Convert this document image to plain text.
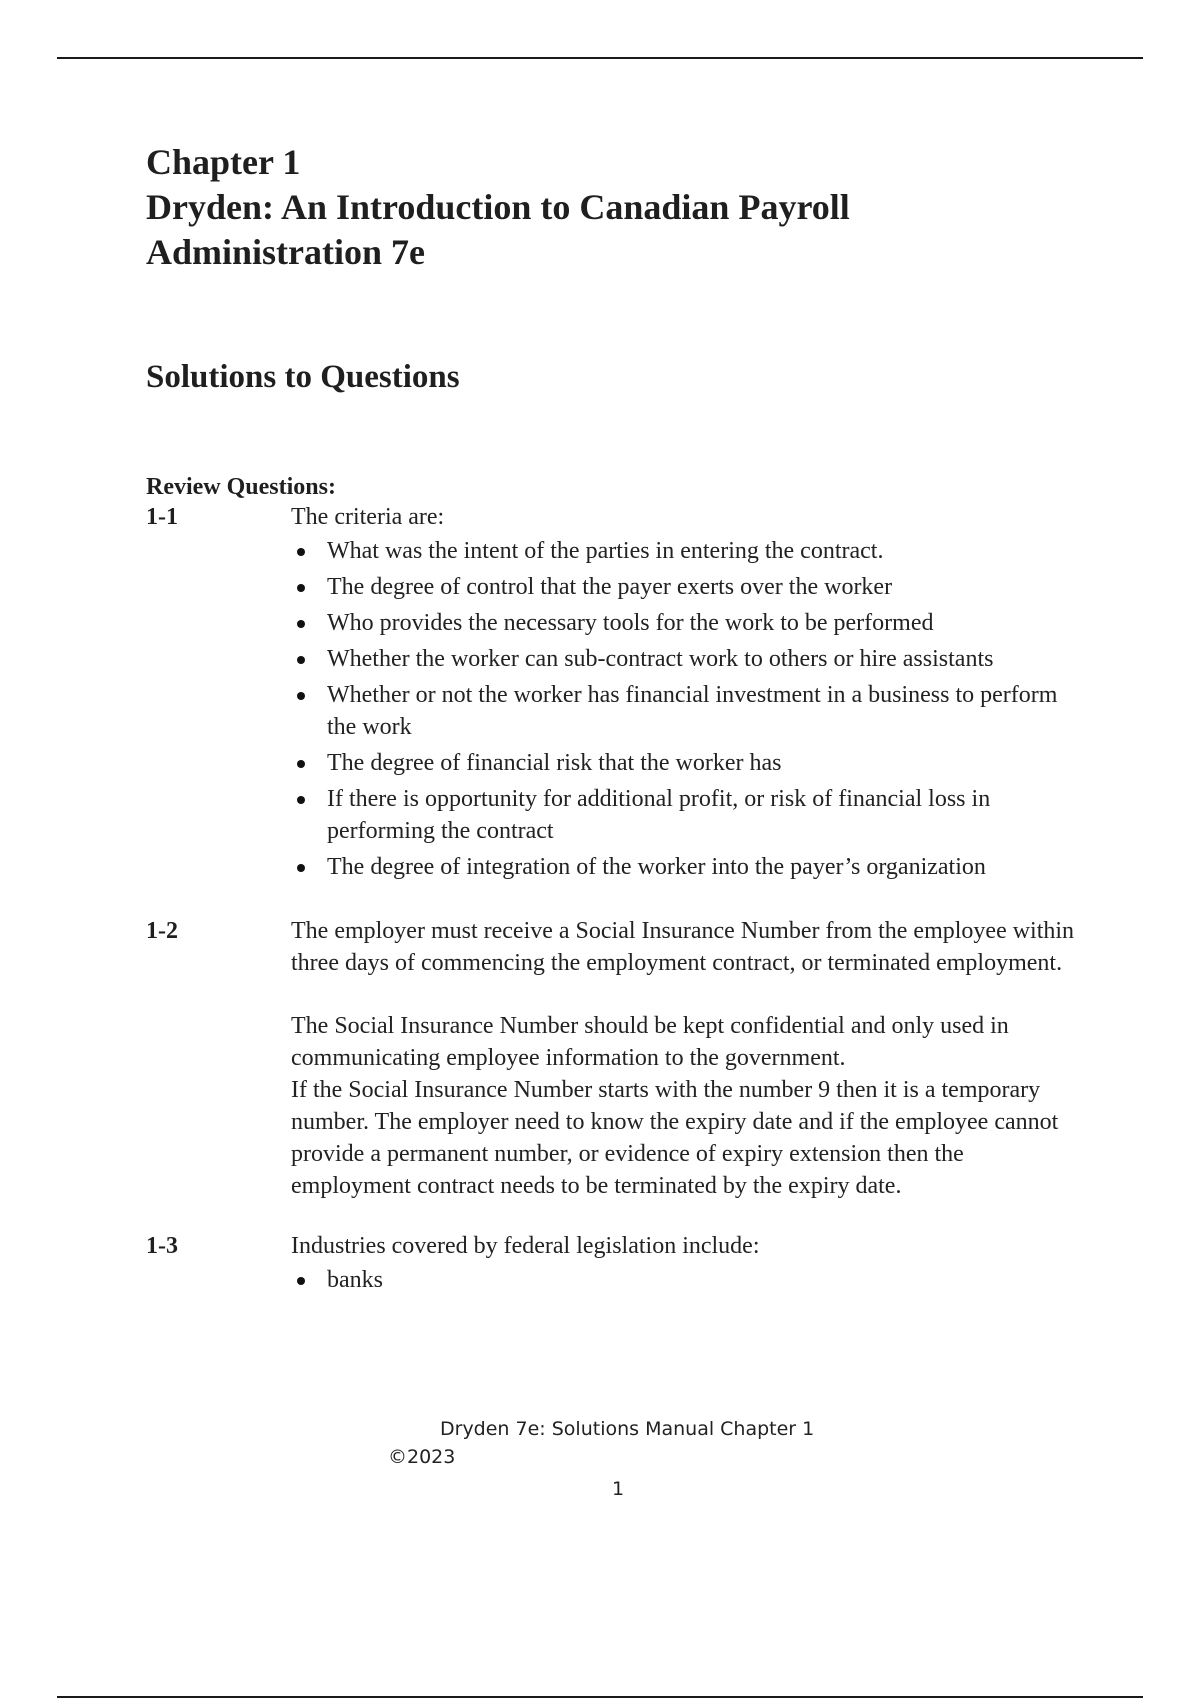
Chapter 1
Dryden: An Introduction to Canadian Payroll
Administration 7e
Solutions to Questions
Review Questions:
1-1	The criteria are:

What was the intent of the parties in entering the contract.
The degree of control that the payer exerts over the worker
Who provides the necessary tools for the work to be performed
Whether the worker can sub-contract work to others or hire assistants
Whether or not the worker has financial investment in a business to perform the work
The degree of financial risk that the worker has
If there is opportunity for additional profit, or risk of financial loss in performing the contract
The degree of integration of the worker into the payer’s organization
1-2	The employer must receive a Social Insurance Number from the employee within three days of commencing the employment contract, or terminated employment.

The Social Insurance Number should be kept confidential and only used in communicating employee information to the government.

If the Social Insurance Number starts with the number 9 then it is a temporary number. The employer need to know the expiry date and if the employee cannot provide a permanent number, or evidence of expiry extension then the employment contract needs to be terminated by the expiry date.

1-3	Industries covered by federal legislation include:

banks
Dryden 7e: Solutions Manual Chapter 1
©2023
1
